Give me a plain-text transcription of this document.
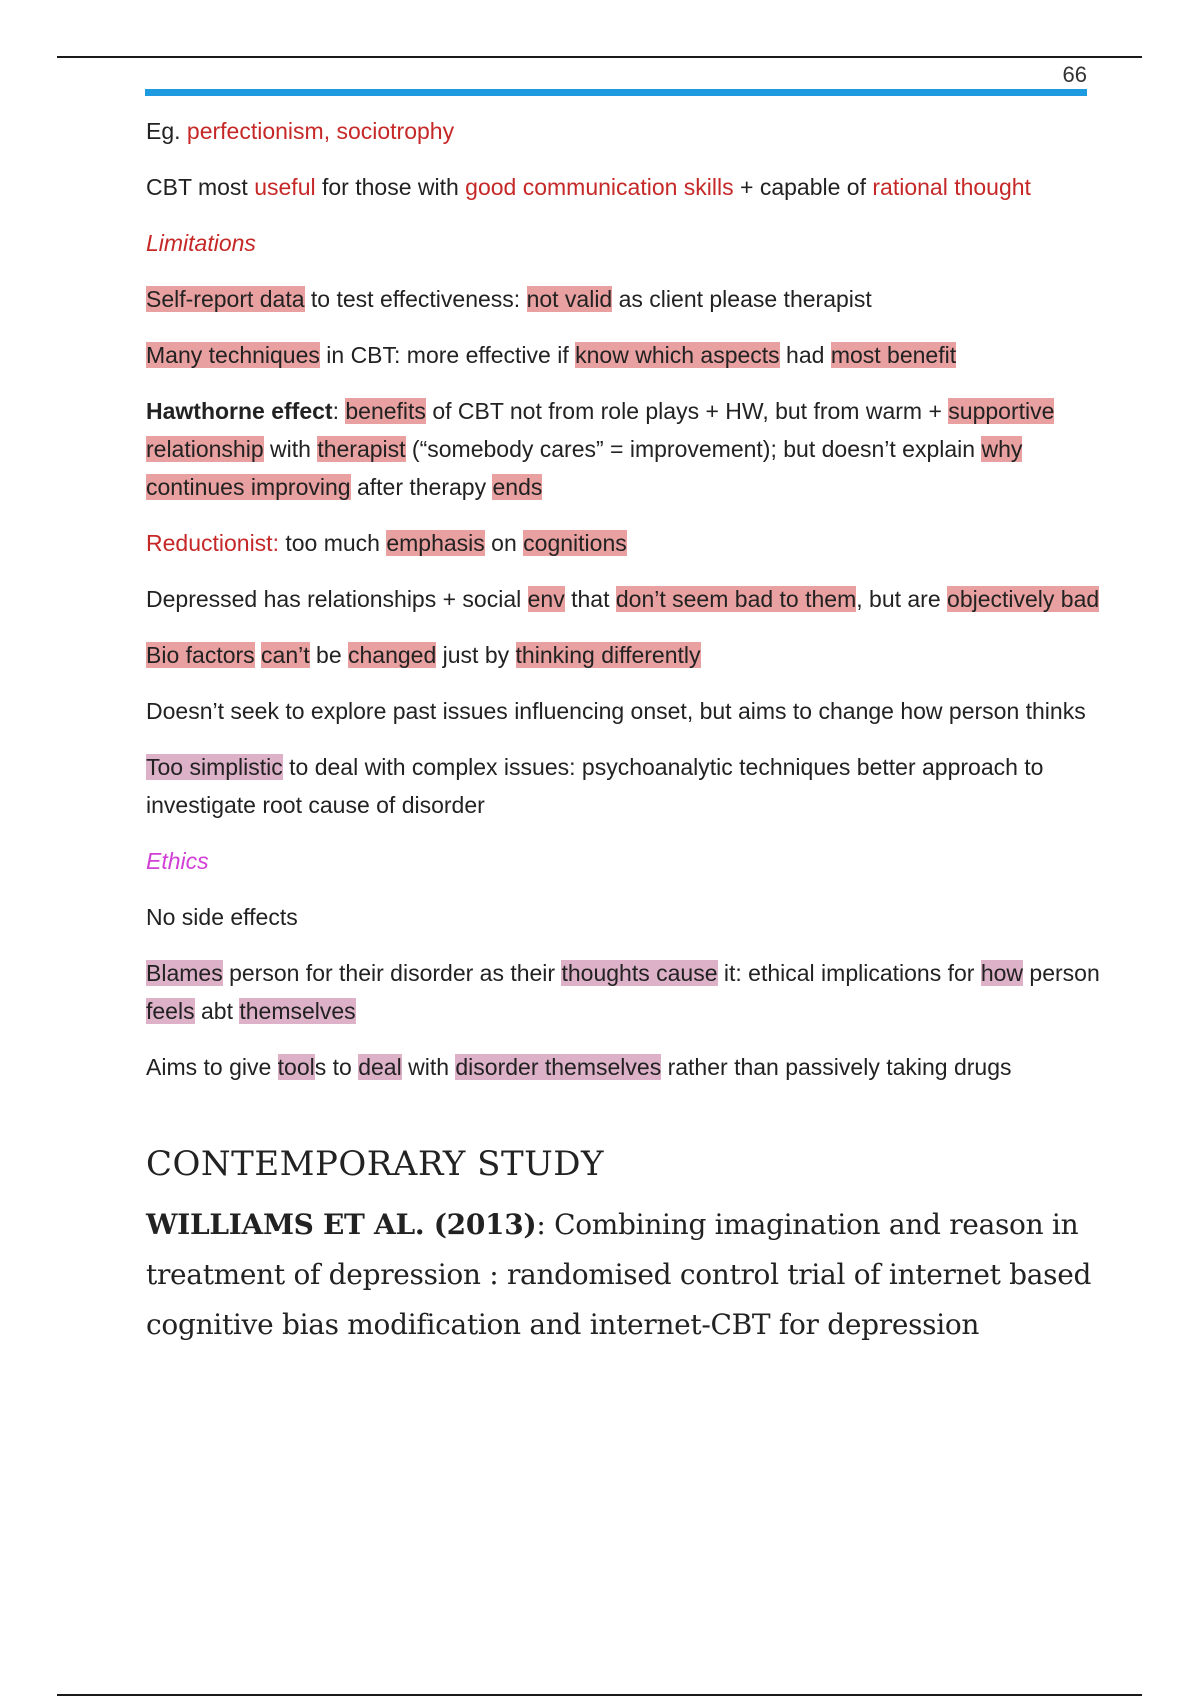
66

Eg. perfectionism, sociotrophy

CBT most useful for those with good communication skills + capable of rational thought

Limitations

Self-report data to test effectiveness: not valid as client please therapist

Many techniques in CBT: more effective if know which aspects had most benefit

Hawthorne effect: benefits of CBT not from role plays + HW, but from warm + supportive relationship with therapist (“somebody cares” = improvement); but doesn’t explain why continues improving after therapy ends

Reductionist: too much emphasis on cognitions

Depressed has relationships + social env that don’t seem bad to them, but are objectively bad

Bio factors can’t be changed just by thinking differently

Doesn’t seek to explore past issues influencing onset, but aims to change how person thinks

Too simplistic to deal with complex issues: psychoanalytic techniques better approach to investigate root cause of disorder

Ethics

No side effects

Blames person for their disorder as their thoughts cause it: ethical implications for how person feels abt themselves

Aims to give tools to deal with disorder themselves rather than passively taking drugs

CONTEMPORARY STUDY

WILLIAMS ET AL. (2013): Combining imagination and reason in treatment of depression : randomised control trial of internet based cognitive bias modification and internet-CBT for depression
